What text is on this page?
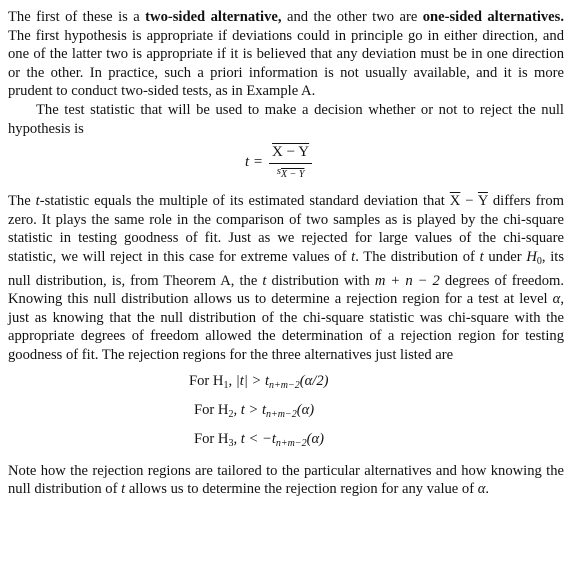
The first of these is a two-sided alternative, and the other two are one-sided alternatives. The first hypothesis is appropriate if deviations could in principle go in either direction, and one of the latter two is appropriate if it is believed that any deviation must be in one direction or the other. In practice, such a priori information is not usually available, and it is more prudent to conduct two-sided tests, as in Example A.

The test statistic that will be used to make a decision whether or not to reject the null hypothesis is

$t = \frac{X - Y}{sX - Y}$

The t-statistic equals the multiple of its estimated standard deviation that $\overline{X} - \overline{Y}$ differs from zero. It plays the same role in the comparison of two samples as is played by the chi-square statistic in testing goodness of fit. Just as we rejected for large values of the chi-square statistic, we will reject in this case for extreme values of t. The distribution of t under $H_0$, its null distribution, is, from Theorem A, the t distribution with m + n − 2 degrees of freedom. Knowing this null distribution allows us to determine a rejection region for a test at level α, just as knowing that the null distribution of the chi-square statistic was chi-square with the appropriate degrees of freedom allowed the determination of a rejection region for testing goodness of fit. The rejection regions for the three alternatives just listed are

For $H_1$, $|t| > t_{n+m-2}(\alpha/2)$
For $H_2$, $t > t_{n+m-2}(\alpha)$
For $H_3$, $t < -t_{n+m-2}(\alpha)$

Note how the rejection regions are tailored to the particular alternatives and how knowing the null distribution of t allows us to determine the rejection region for any value of α.
